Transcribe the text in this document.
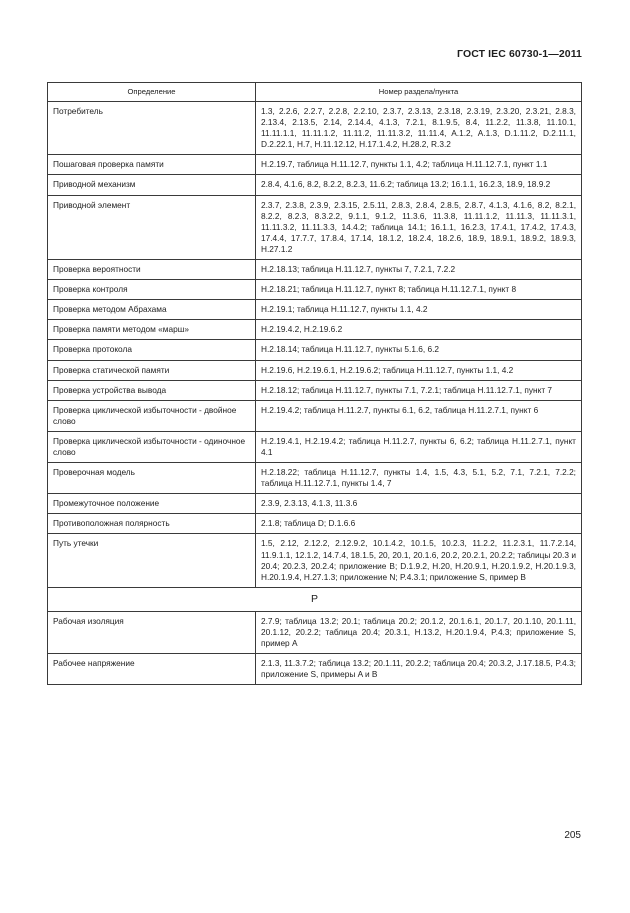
ГОСТ IEC 60730-1—2011
Определение	Номер раздела/пункта
Потребитель	1.3, 2.2.6, 2.2.7, 2.2.8, 2.2.10, 2.3.7, 2.3.13, 2.3.18, 2.3.19, 2.3.20, 2.3.21, 2.8.3, 2.13.4, 2.13.5, 2.14, 2.14.4, 4.1.3, 7.2.1, 8.1.9.5, 8.4, 11.2.2, 11.3.8, 11.10.1, 11.11.1.1, 11.11.1.2, 11.11.2, 11.11.3.2, 11.11.4, A.1.2, A.1.3, D.1.11.2, D.2.11.1, D.2.22.1, H.7, H.11.12.12, H.17.1.4.2, H.28.2, R.3.2
Пошаговая проверка памяти	H.2.19.7, таблица H.11.12.7, пункты 1.1, 4.2; таблица H.11.12.7.1, пункт 1.1
Приводной механизм	2.8.4, 4.1.6, 8.2, 8.2.2, 8.2.3, 11.6.2; таблица 13.2; 16.1.1, 16.2.3, 18.9, 18.9.2
Приводной элемент	2.3.7, 2.3.8, 2.3.9, 2.3.15, 2.5.11, 2.8.3, 2.8.4, 2.8.5, 2.8.7, 4.1.3, 4.1.6, 8.2, 8.2.1, 8.2.2, 8.2.3, 8.3.2.2, 9.1.1, 9.1.2, 11.3.6, 11.3.8, 11.11.1.2, 11.11.3, 11.11.3.1, 11.11.3.2, 11.11.3.3, 14.4.2; таблица 14.1; 16.1.1, 16.2.3, 17.4.1, 17.4.2, 17.4.3, 17.4.4, 17.7.7, 17.8.4, 17.14, 18.1.2, 18.2.4, 18.2.6, 18.9, 18.9.1, 18.9.2, 18.9.3, H.27.1.2
Проверка вероятности	H.2.18.13; таблица H.11.12.7, пункты 7, 7.2.1, 7.2.2
Проверка контроля	H.2.18.21; таблица H.11.12.7, пункт 8; таблица H.11.12.7.1, пункт 8
Проверка методом Абрахама	H.2.19.1; таблица H.11.12.7, пункты 1.1, 4.2
Проверка памяти методом «марш»	H.2.19.4.2, H.2.19.6.2
Проверка протокола	H.2.18.14; таблица H.11.12.7, пункты 5.1.6, 6.2
Проверка статической памяти	H.2.19.6, H.2.19.6.1, H.2.19.6.2; таблица H.11.12.7, пункты 1.1, 4.2
Проверка устройства вывода	H.2.18.12; таблица H.11.12.7, пункты 7.1, 7.2.1; таблица H.11.12.7.1, пункт 7
Проверка циклической избыточности - двойное слово	H.2.19.4.2; таблица H.11.2.7, пункты 6.1, 6.2, таблица H.11.2.7.1, пункт 6
Проверка циклической избыточности - одиночное слово	H.2.19.4.1, H.2.19.4.2; таблица H.11.2.7, пункты 6, 6.2; таблица H.11.2.7.1, пункт 4.1
Проверочная модель	H.2.18.22; таблица H.11.12.7, пункты 1.4, 1.5, 4.3, 5.1, 5.2, 7.1, 7.2.1, 7.2.2; таблица H.11.12.7.1, пункты 1.4, 7
Промежуточное положение	2.3.9, 2.3.13, 4.1.3, 11.3.6
Противоположная полярность	2.1.8; таблица D; D.1.6.6
Путь утечки	1.5, 2.12, 2.12.2, 2.12.9.2, 10.1.4.2, 10.1.5, 10.2.3, 11.2.2, 11.2.3.1, 11.7.2.14, 11.9.1.1, 12.1.2, 14.7.4, 18.1.5, 20, 20.1, 20.1.6, 20.2, 20.2.1, 20.2.2; таблицы 20.3 и 20.4; 20.2.3, 20.2.4; приложение B; D.1.9.2, H.20, H.20.9.1, H.20.1.9.2, H.20.1.9.3, H.20.1.9.4, H.27.1.3; приложение N; P.4.3.1; приложение S, пример B
Р	
Рабочая изоляция	2.7.9; таблица 13.2; 20.1; таблица 20.2; 20.1.2, 20.1.6.1, 20.1.7, 20.1.10, 20.1.11, 20.1.12, 20.2.2; таблица 20.4; 20.3.1, H.13.2, H.20.1.9.4, P.4.3; приложение S, пример A
Рабочее напряжение	2.1.3, 11.3.7.2; таблица 13.2; 20.1.11, 20.2.2; таблица 20.4; 20.3.2, J.17.18.5, P.4.3; приложение S, примеры A и B
205
